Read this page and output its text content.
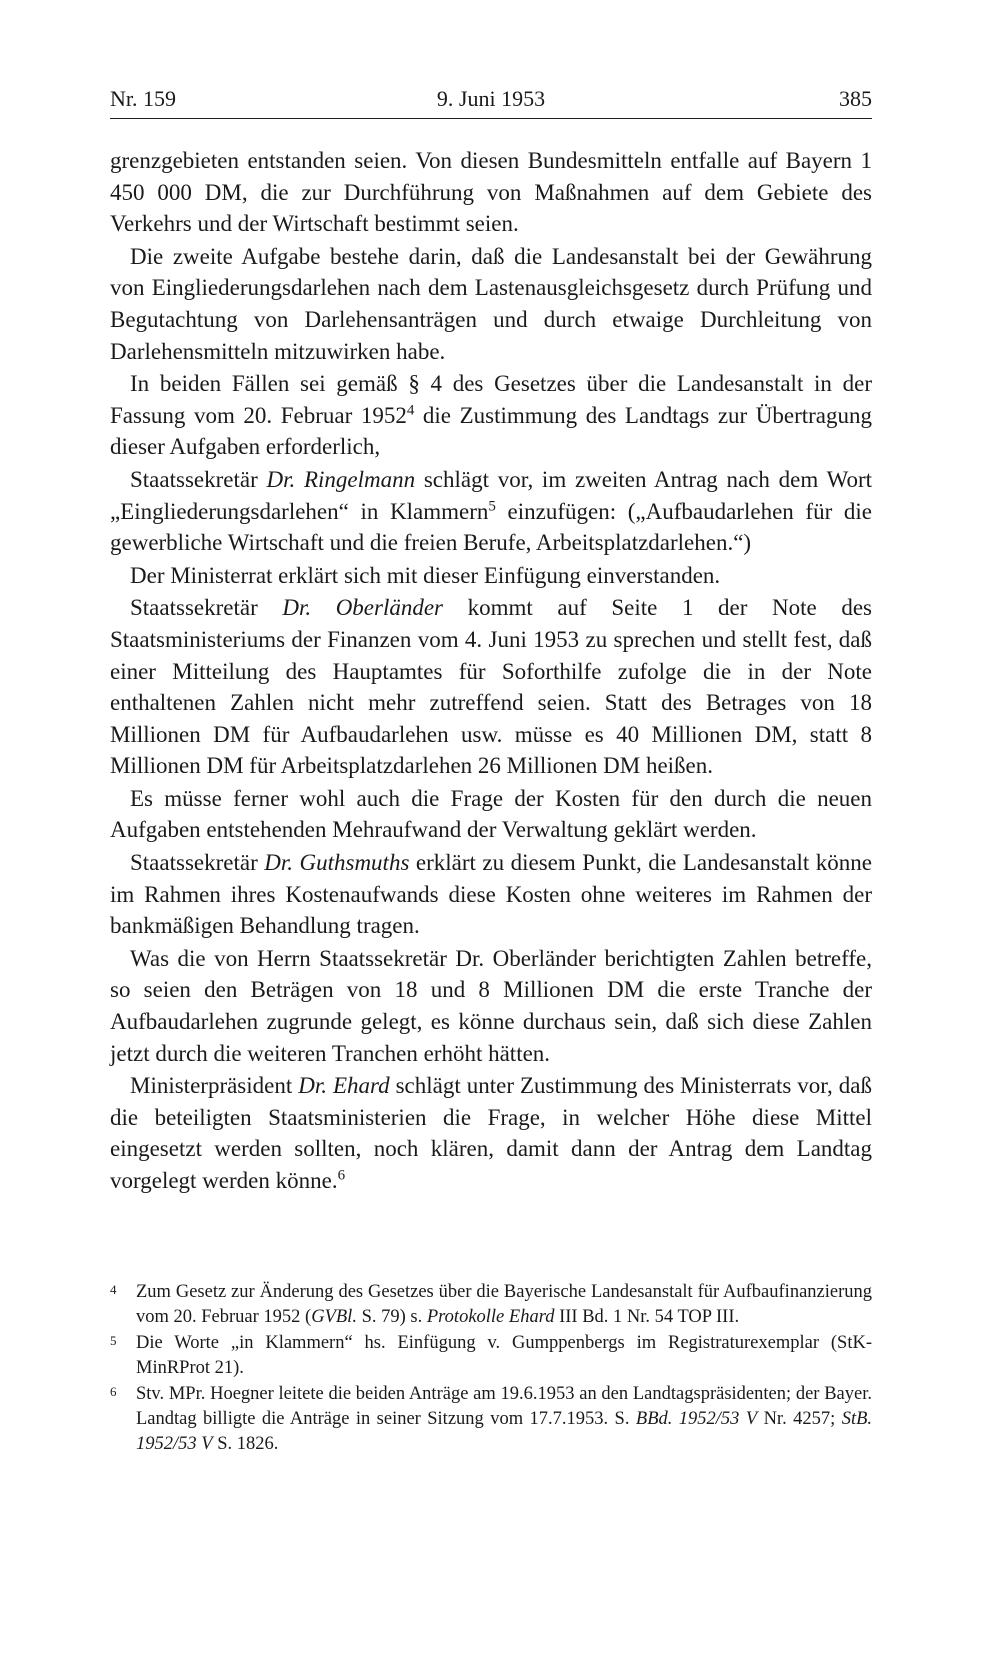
Nr. 159	9. Juni 1953	385

grenzgebieten entstanden seien. Von diesen Bundesmitteln entfalle auf Bayern 1 450 000 DM, die zur Durchführung von Maßnahmen auf dem Gebiete des Verkehrs und der Wirtschaft bestimmt seien.

Die zweite Aufgabe bestehe darin, daß die Landesanstalt bei der Gewährung von Eingliederungsdarlehen nach dem Lastenausgleichsgesetz durch Prüfung und Begutachtung von Darlehensanträgen und durch etwaige Durchleitung von Darlehensmitteln mitzuwirken habe.

In beiden Fällen sei gemäß § 4 des Gesetzes über die Landesanstalt in der Fassung vom 20. Februar 1952$^4$ die Zustimmung des Landtags zur Übertragung dieser Aufgaben erforderlich,

Staatssekretär Dr. Ringelmann schlägt vor, im zweiten Antrag nach dem Wort „Eingliederungsdarlehen“ in Klammern$^5$ einzufügen: („Aufbaudarlehen für die gewerbliche Wirtschaft und die freien Berufe, Arbeitsplatzdarlehen.“)

Der Ministerrat erklärt sich mit dieser Einfügung einverstanden.

Staatssekretär Dr. Oberländer kommt auf Seite 1 der Note des Staatsministeriums der Finanzen vom 4. Juni 1953 zu sprechen und stellt fest, daß einer Mitteilung des Hauptamtes für Soforthilfe zufolge die in der Note enthaltenen Zahlen nicht mehr zutreffend seien. Statt des Betrages von 18 Millionen DM für Aufbaudarlehen usw. müsse es 40 Millionen DM, statt 8 Millionen DM für Arbeitsplatzdarlehen 26 Millionen DM heißen.

Es müsse ferner wohl auch die Frage der Kosten für den durch die neuen Aufgaben entstehenden Mehraufwand der Verwaltung geklärt werden.

Staatssekretär Dr. Guthsmuths erklärt zu diesem Punkt, die Landesanstalt könne im Rahmen ihres Kostenaufwands diese Kosten ohne weiteres im Rahmen der bankmäßigen Behandlung tragen.

Was die von Herrn Staatssekretär Dr. Oberländer berichtigten Zahlen betreffe, so seien den Beträgen von 18 und 8 Millionen DM die erste Tranche der Aufbaudarlehen zugrunde gelegt, es könne durchaus sein, daß sich diese Zahlen jetzt durch die weiteren Tranchen erhöht hätten.

Ministerpräsident Dr. Ehard schlägt unter Zustimmung des Ministerrats vor, daß die beteiligten Staatsministerien die Frage, in welcher Höhe diese Mittel eingesetzt werden sollten, noch klären, damit dann der Antrag dem Landtag vorgelegt werden könne.$^6$

4 Zum Gesetz zur Änderung des Gesetzes über die Bayerische Landesanstalt für Aufbaufinanzierung vom 20. Februar 1952 (GVBl. S. 79) s. Protokolle Ehard III Bd. 1 Nr. 54 TOP III.
5 Die Worte „in Klammern“ hs. Einfügung v. Gumppenbergs im Registraturexemplar (StK-MinRProt 21).
6 Stv. MPr. Hoegner leitete die beiden Anträge am 19.6.1953 an den Landtagspräsidenten; der Bayer. Landtag billigte die Anträge in seiner Sitzung vom 17.7.1953. S. BBd. 1952/53 V Nr. 4257; StB. 1952/53 V S. 1826.
